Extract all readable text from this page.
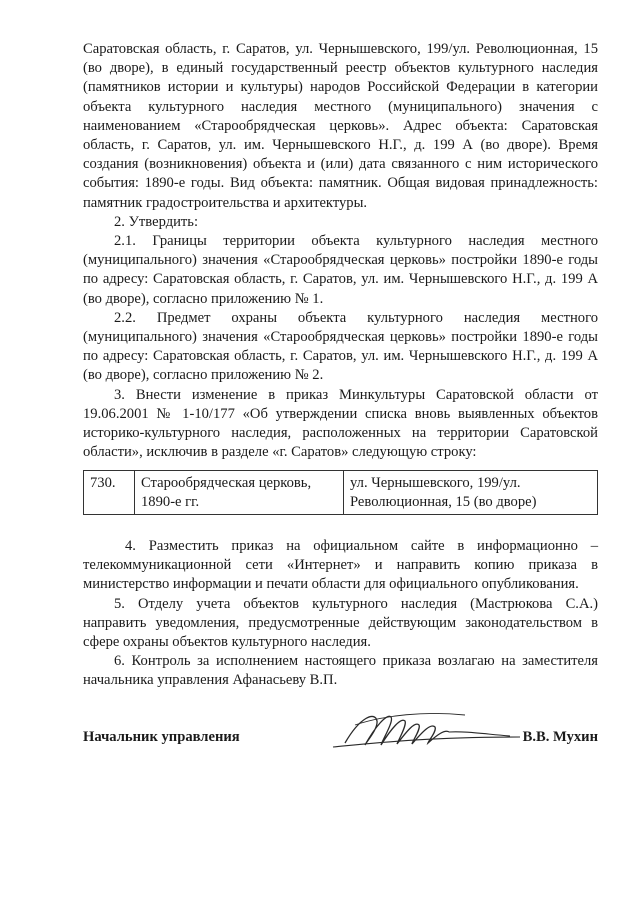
Саратовская область, г. Саратов, ул. Чернышевского, 199/ул. Революционная, 15 (во дворе), в единый государственный реестр объектов культурного наследия (памятников истории и культуры) народов Российской Федерации в категории объекта культурного наследия местного (муниципального) значения с наименованием «Старообрядческая церковь». Адрес объекта: Саратовская область, г. Саратов, ул. им. Чернышевского Н.Г., д. 199 А (во дворе). Время создания (возникновения) объекта и (или) дата связанного с ним исторического события: 1890-е годы. Вид объекта: памятник. Общая видовая принадлежность: памятник градостроительства и архитектуры.

2. Утвердить:

2.1. Границы территории объекта культурного наследия местного (муниципального) значения «Старообрядческая церковь» постройки 1890-е годы по адресу: Саратовская область, г. Саратов, ул. им. Чернышевского Н.Г., д. 199 А (во дворе), согласно приложению № 1.

2.2. Предмет охраны объекта культурного наследия местного (муниципального) значения «Старообрядческая церковь» постройки 1890-е годы по адресу: Саратовская область, г. Саратов, ул. им. Чернышевского Н.Г., д. 199 А (во дворе), согласно приложению № 2.

3. Внести изменение в приказ Минкультуры Саратовской области от 19.06.2001 № 1-10/177 «Об утверждении списка вновь выявленных объектов историко-культурного наследия, расположенных на территории Саратовской области», исключив в разделе «г. Саратов» следующую строку:

730.	Старообрядческая церковь, 1890-е гг.	ул. Чернышевского, 199/ул. Революционная, 15 (во дворе)

4. Разместить приказ на официальном сайте в информационно – телекоммуникационной сети «Интернет» и направить копию приказа в министерство информации и печати области для официального опубликования.

5. Отделу учета объектов культурного наследия (Мастрюкова С.А.) направить уведомления, предусмотренные действующим законодательством в сфере охраны объектов культурного наследия.

6. Контроль за исполнением настоящего приказа возлагаю на заместителя начальника управления Афанасьеву В.П.

Начальник управления	В.В. Мухин
